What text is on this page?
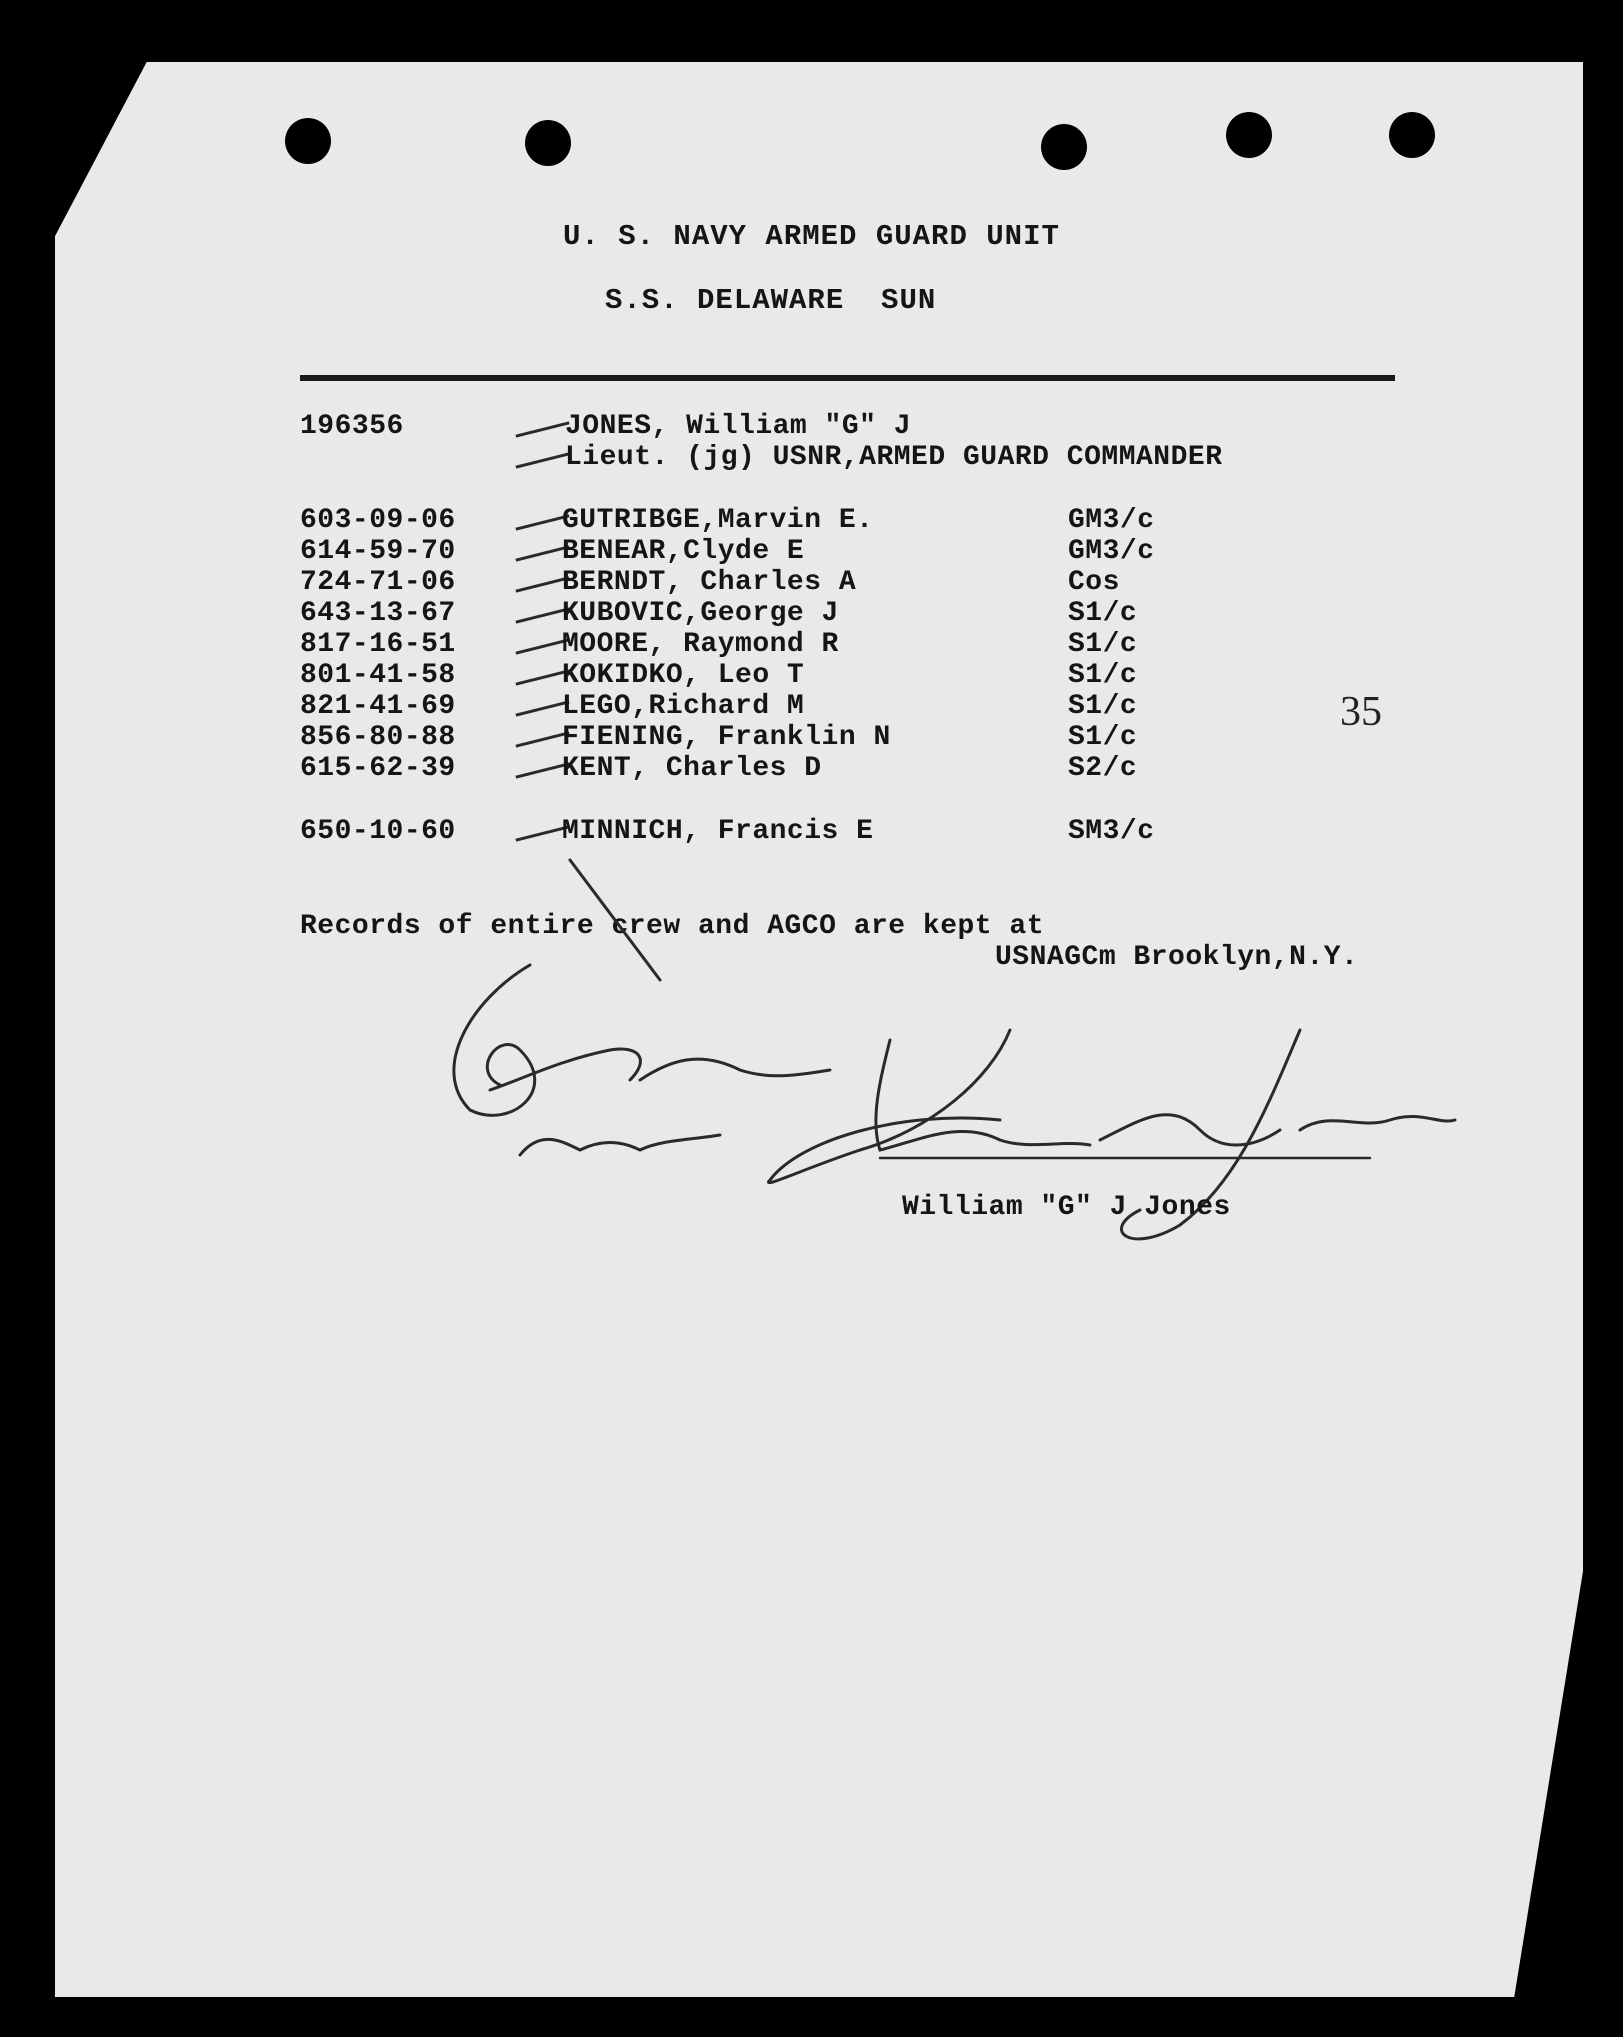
U. S. NAVY ARMED GUARD UNIT
S.S. DELAWARE  SUN
196356	JONES, William "G" J
Lieut. (jg) USNR,ARMED GUARD COMMANDER
603-09-06	GUTRIBGE,Marvin E.	GM3/c
614-59-70	BENEAR,Clyde E	GM3/c
724-71-06	BERNDT, Charles A	Cos
643-13-67	KUBOVIC,George J	S1/c
817-16-51	MOORE, Raymond R	S1/c
801-41-58	KOKIDKO, Leo T	S1/c
821-41-69	LEGO,Richard M	S1/c
856-80-88	FIENING, Franklin N	S1/c
615-62-39	KENT, Charles D	S2/c
650-10-60	MINNICH, Francis E	SM3/c
35
Records of entire crew and AGCO are kept at
USNAGCm Brooklyn,N.Y.
William "G" J Jones
